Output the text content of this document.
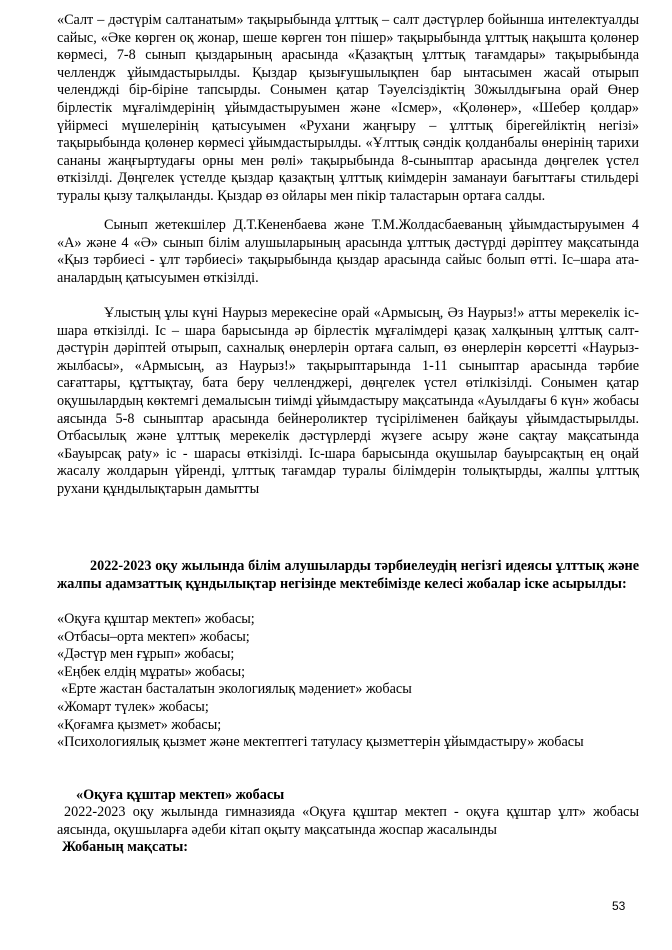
«Салт – дәстүрім салтанатым» тақырыбында ұлттық – салт дәстүрлер бойынша интелектуалды сайыс, «Әке көрген оқ жонар, шеше көрген тон пішер» тақырыбында ұлттық нақышта қолөнер көрмесі, 7-8 сынып қыздарының арасында «Қазақтың ұлттық тағамдары» тақырыбында челлендж ұйымдастырылды. Қыздар қызығушылықпен бар ынтасымен жасай отырып челенджді бір-біріне тапсырды. Сонымен қатар Тәуелсіздіктің 30жылдығына орай Өнер бірлестік мұғалімдерінің ұйымдастыруымен және «Ісмер», «Қолөнер», «Шебер қолдар» үйірмесі мүшелерінің қатысуымен «Рухани жаңғыру – ұлттық бірегейліктің негізі» тақырыбында қолөнер көрмесі ұйымдастырылды. «Ұлттық сәндік қолданбалы өнерінің тарихи сананы жаңғыртудағы орны мен рөлі» тақырыбында 8-сыныптар арасында дөңгелек үстел өткізілді. Дөңгелек үстелде қыздар қазақтың ұлттық киімдерін заманауи бағыттағы стильдері туралы қызу талқыланды. Қыздар өз ойлары мен пікір таластарын ортаға салды.

Сынып жетекшілер Д.Т.Кененбаева және Т.М.Жолдасбаеваның ұйымдастыруымен 4 «А» және 4 «Ә» сынып білім алушыларының арасында ұлттық дәстүрді дәріптеу мақсатында «Қыз тәрбиесі - ұлт тәрбиесі» тақырыбында қыздар арасында сайыс болып өтті. Іс–шара ата-аналардың қатысуымен өткізілді.

Ұлыстың ұлы күні Наурыз мерекесіне орай «Армысың, Әз Наурыз!» атты мерекелік іс-шара өткізілді. Іс – шара барысында әр бірлестік мұғалімдері қазақ халқының ұлттық салт-дәстүрін дәріптей отырып, сахналық өнерлерін ортаға салып, өз өнерлерін көрсетті «Наурыз-жылбасы», «Армысың, аз Наурыз!» тақырыптарында 1-11 сыныптар арасында тәрбие сағаттары, құттықтау, бата беру челленджері, дөңгелек үстел өтілкізілді. Сонымен қатар оқушылардың көктемгі демалысын тиімді ұйымдастыру мақсатында «Ауылдағы 6 күн» жобасы аясында 5-8 сыныптар арасында бейнероликтер түсіріліменен байқауы ұйымдастырылды. Отбасылық және ұлттық мерекелік дәстүрлерді жүзеге асыру және сақтау мақсатында «Бауырсақ раtу» іс - шарасы өткізілді. Іс-шара барысында оқушылар бауырсақтың ең оңай жасалу жолдарын үйренді, ұлттық тағамдар туралы білімдерін толықтырды, жалпы ұлттық рухани құндылықтарын дамытты

2022-2023 оқу жылында білім алушыларды тәрбиелеудің негізгі идеясы ұлттық және жалпы адамзаттық құндылықтар негізінде мектебімізде келесі жобалар іске асырылды:

«Оқуға құштар мектеп» жобасы;
«Отбасы–орта мектеп» жобасы;
«Дәстүр мен ғұрып» жобасы;
«Еңбек елдің мұраты» жобасы;
«Ерте жастан басталатын экологиялық мәдениет» жобасы
«Жомарт түлек» жобасы;
«Қоғамға қызмет» жобасы;
«Психологиялық қызмет және мектептегі татуласу қызметтерін ұйымдастыру» жобасы

«Оқуға құштар мектеп» жобасы

2022-2023 оқу жылында гимназияда «Оқуға құштар мектеп - оқуға құштар ұлт» жобасы аясында, оқушыларға әдеби кітап оқыту мақсатында жоспар жасалынды

Жобаның мақсаты:

53
